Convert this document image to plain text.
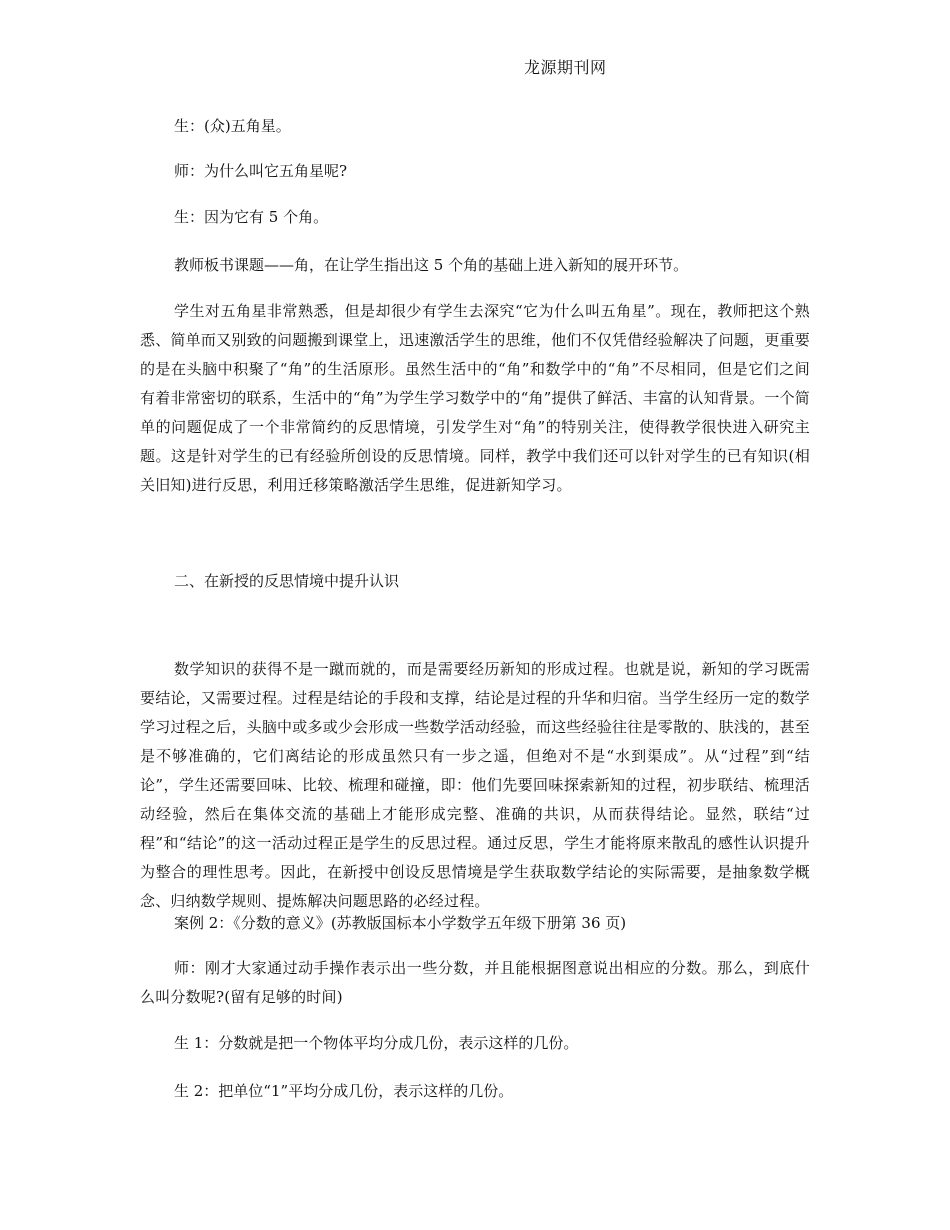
龙源期刊网
生：(众)五角星。
师：为什么叫它五角星呢?
生：因为它有 5 个角。
教师板书课题——角，在让学生指出这 5 个角的基础上进入新知的展开环节。
学生对五角星非常熟悉，但是却很少有学生去深究“它为什么叫五角星”。现在，教师把这个熟悉、简单而又别致的问题搬到课堂上，迅速激活学生的思维，他们不仅凭借经验解决了问题，更重要的是在头脑中积聚了“角”的生活原形。虽然生活中的“角”和数学中的“角”不尽相同，但是它们之间有着非常密切的联系，生活中的“角”为学生学习数学中的“角”提供了鲜活、丰富的认知背景。一个简单的问题促成了一个非常简约的反思情境，引发学生对“角”的特别关注，使得教学很快进入研究主题。这是针对学生的已有经验所创设的反思情境。同样，教学中我们还可以针对学生的已有知识(相关旧知)进行反思，利用迁移策略激活学生思维，促进新知学习。
二、在新授的反思情境中提升认识
数学知识的获得不是一蹴而就的，而是需要经历新知的形成过程。也就是说，新知的学习既需要结论，又需要过程。过程是结论的手段和支撑，结论是过程的升华和归宿。当学生经历一定的数学学习过程之后，头脑中或多或少会形成一些数学活动经验，而这些经验往往是零散的、肤浅的，甚至是不够准确的，它们离结论的形成虽然只有一步之遥，但绝对不是“水到渠成”。从“过程”到“结论”，学生还需要回味、比较、梳理和碰撞，即：他们先要回味探索新知的过程，初步联结、梳理活动经验，然后在集体交流的基础上才能形成完整、准确的共识，从而获得结论。显然，联结“过程”和“结论”的这一活动过程正是学生的反思过程。通过反思，学生才能将原来散乱的感性认识提升为整合的理性思考。因此，在新授中创设反思情境是学生获取数学结论的实际需要，是抽象数学概念、归纳数学规则、提炼解决问题思路的必经过程。
案例 2：《分数的意义》(苏教版国标本小学数学五年级下册第 36 页)
师：刚才大家通过动手操作表示出一些分数，并且能根据图意说出相应的分数。那么，到底什么叫分数呢?(留有足够的时间)
生 1：分数就是把一个物体平均分成几份，表示这样的几份。
生 2：把单位“1”平均分成几份，表示这样的几份。
